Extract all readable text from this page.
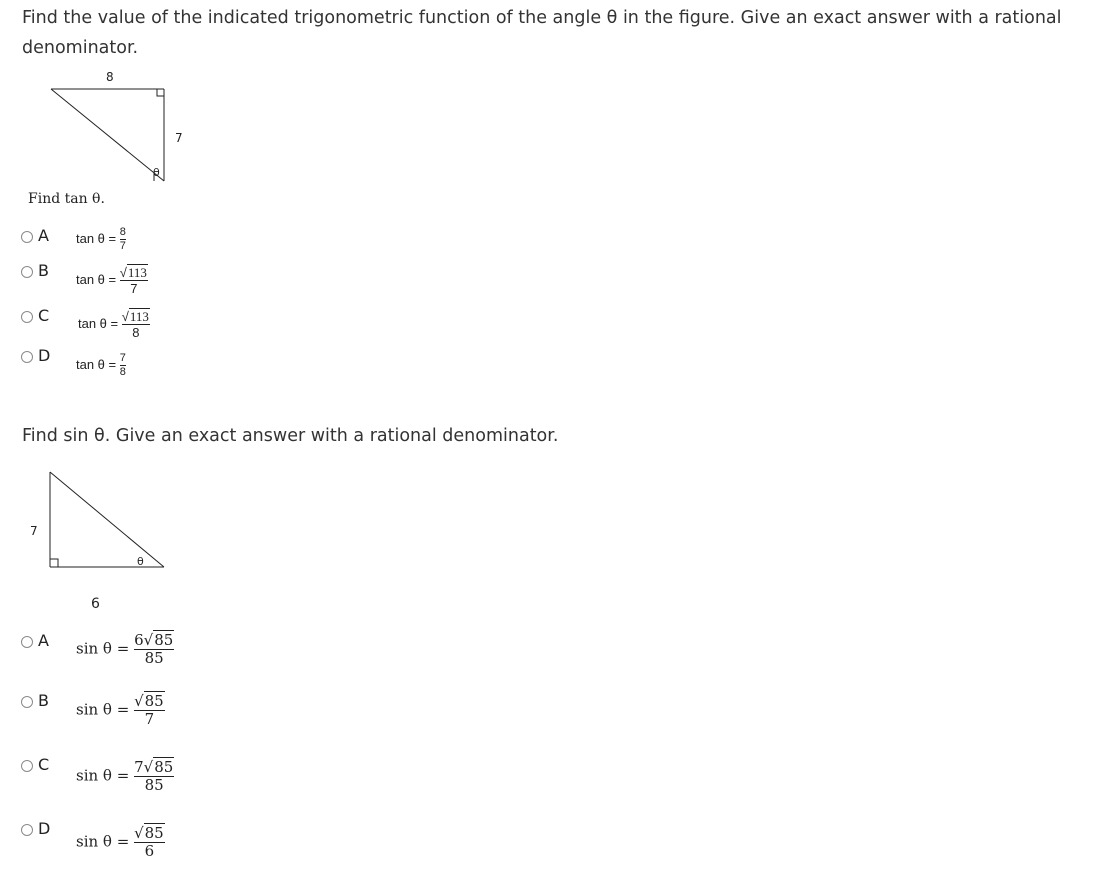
Find the value of the indicated trigonometric function of the angle θ in the figure. Give an exact answer with a rational denominator.
8
7
θ
Find tan θ.
A $\tan \theta = \frac{8}{7}$
B $\tan \theta = \frac{√113}{7}$
C $\tan \theta = \frac{√113}{8}$
D $\tan \theta = \frac{7}{8}$
Find sin θ. Give an exact answer with a rational denominator.
7
θ
6
A $\sin \theta = \frac{6√85}{85}$
B $\sin \theta = \frac{√85}{7}$
C
$\sin \theta = \frac{7√85}{85}$
D
$\sin \theta = \frac{√85}{6}$
